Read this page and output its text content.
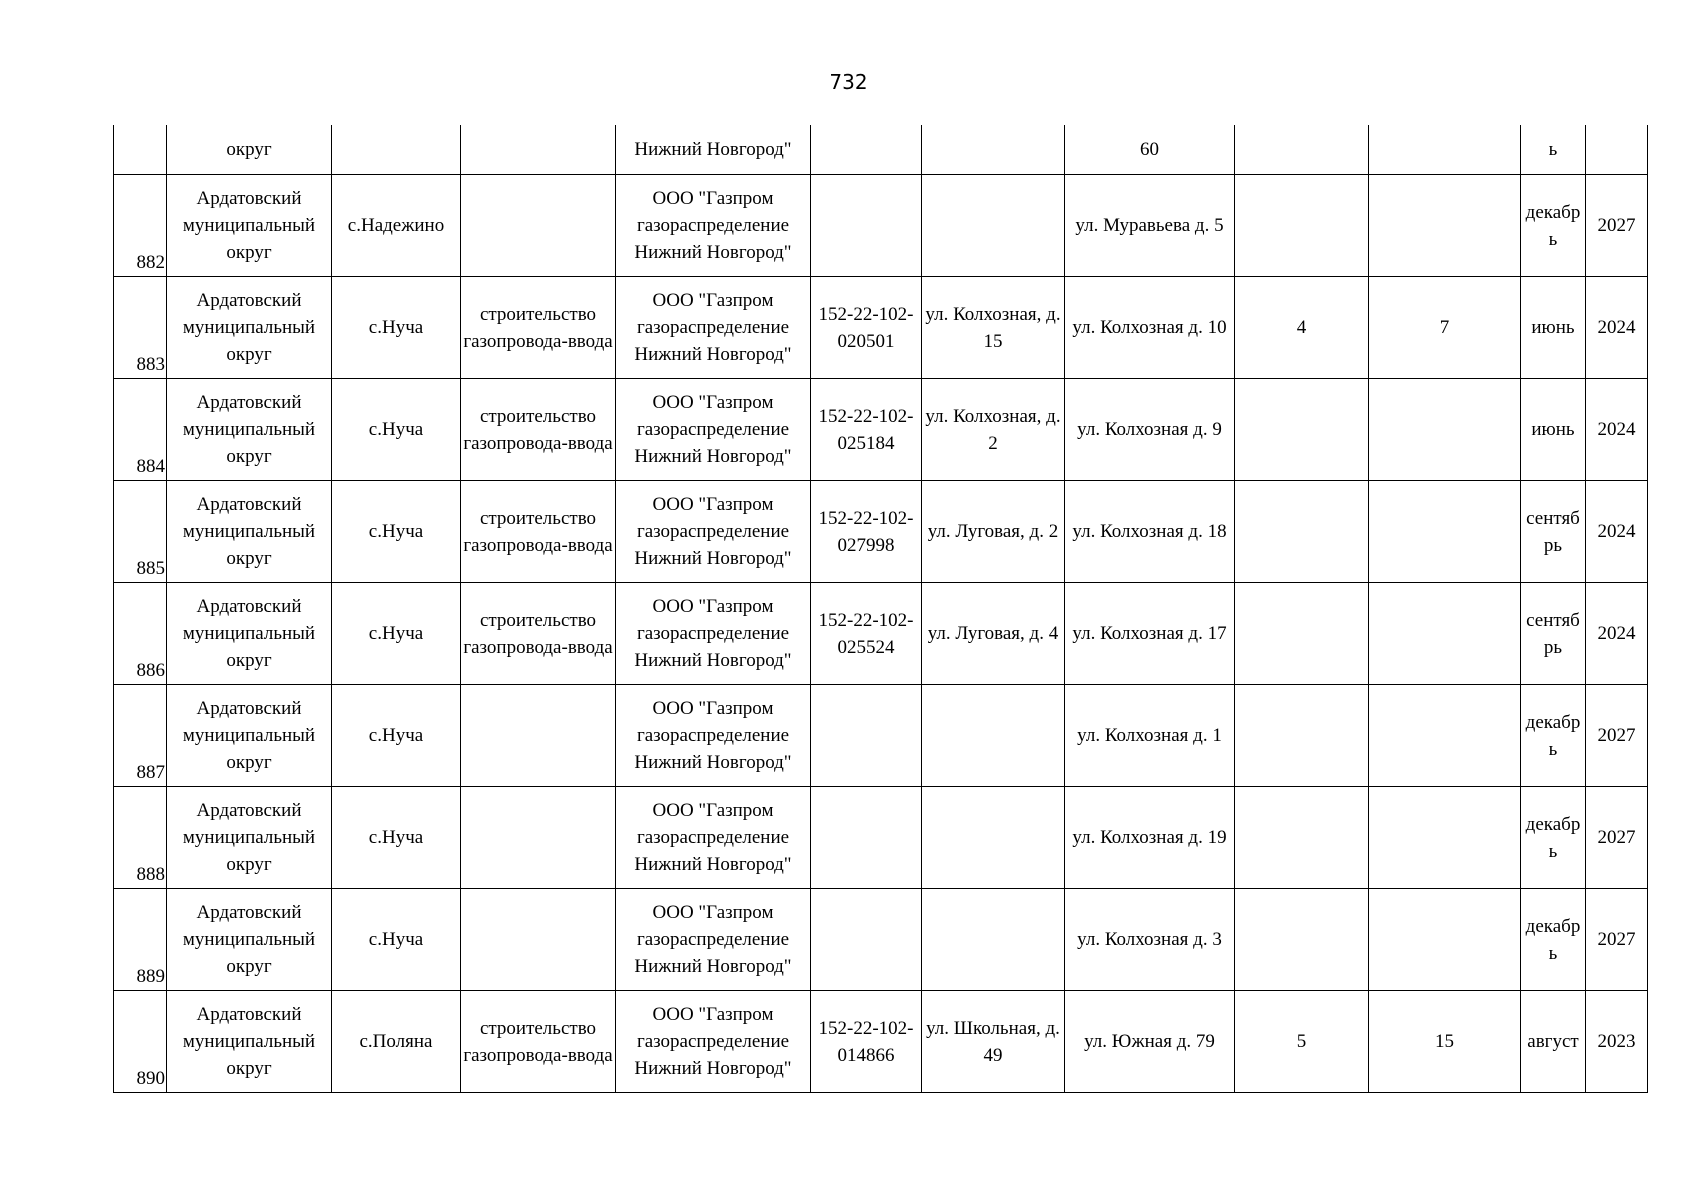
732
	округ			Нижний Новгород"			60			ь	
882	Ардатовский муниципальный округ	с.Надежино		ООО "Газпром газораспределение Нижний Новгород"			ул. Муравьева д. 5			декабрь	2027
883	Ардатовский муниципальный округ	с.Нуча	строительство газопровода-ввода	ООО "Газпром газораспределение Нижний Новгород"	152-22-102-020501	ул. Колхозная, д. 15	ул. Колхозная д. 10	4	7	июнь	2024
884	Ардатовский муниципальный округ	с.Нуча	строительство газопровода-ввода	ООО "Газпром газораспределение Нижний Новгород"	152-22-102-025184	ул. Колхозная, д. 2	ул. Колхозная д. 9			июнь	2024
885	Ардатовский муниципальный округ	с.Нуча	строительство газопровода-ввода	ООО "Газпром газораспределение Нижний Новгород"	152-22-102-027998	ул. Луговая, д. 2	ул. Колхозная д. 18			сентябрь	2024
886	Ардатовский муниципальный округ	с.Нуча	строительство газопровода-ввода	ООО "Газпром газораспределение Нижний Новгород"	152-22-102-025524	ул. Луговая, д. 4	ул. Колхозная д. 17			сентябрь	2024
887	Ардатовский муниципальный округ	с.Нуча		ООО "Газпром газораспределение Нижний Новгород"			ул. Колхозная д. 1			декабрь	2027
888	Ардатовский муниципальный округ	с.Нуча		ООО "Газпром газораспределение Нижний Новгород"			ул. Колхозная д. 19			декабрь	2027
889	Ардатовский муниципальный округ	с.Нуча		ООО "Газпром газораспределение Нижний Новгород"			ул. Колхозная д. 3			декабрь	2027
890	Ардатовский муниципальный округ	с.Поляна	строительство газопровода-ввода	ООО "Газпром газораспределение Нижний Новгород"	152-22-102-014866	ул. Школьная, д. 49	ул. Южная д. 79	5	15	август	2023
